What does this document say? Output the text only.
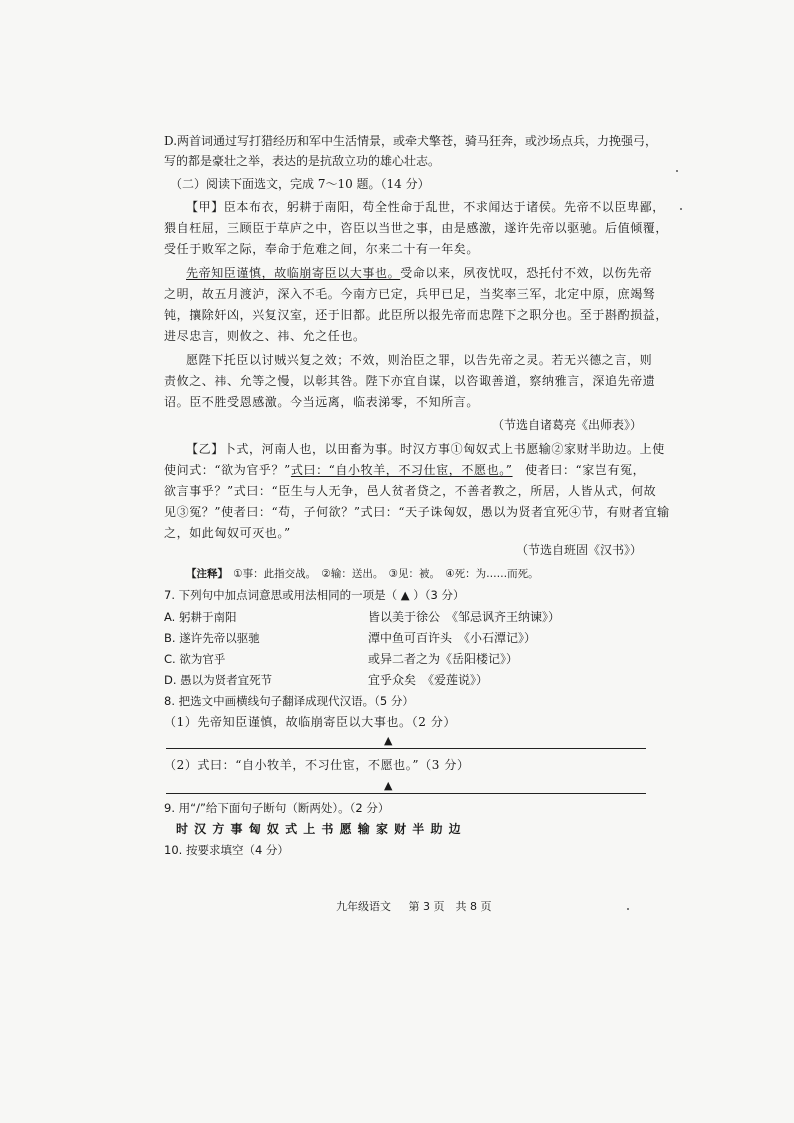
D.两首词通过写打猎经历和军中生活情景，或牵犬擎苍，骑马狂奔，或沙场点兵，力挽强弓，
写的都是豪壮之举，表达的是抗敌立功的雄心壮志。
（二）阅读下面选文，完成 7～10 题。（14 分）
【甲】臣本布衣，躬耕于南阳，苟全性命于乱世，不求闻达于诸侯。先帝不以臣卑鄙，
猥自枉屈，三顾臣于草庐之中，咨臣以当世之事，由是感激，遂许先帝以驱驰。后值倾覆，
受任于败军之际，奉命于危难之间，尔来二十有一年矣。
先帝知臣谨慎，故临崩寄臣以大事也。受命以来，夙夜忧叹，恐托付不效，以伤先帝
之明，故五月渡泸，深入不毛。今南方已定，兵甲已足，当奖率三军，北定中原，庶竭驽
钝，攘除奸凶，兴复汉室，还于旧都。此臣所以报先帝而忠陛下之职分也。至于斟酌损益，
进尽忠言，则攸之、祎、允之任也。
愿陛下托臣以讨贼兴复之效；不效，则治臣之罪，以告先帝之灵。若无兴德之言，则
责攸之、祎、允等之慢，以彰其咎。陛下亦宜自谋，以咨诹善道，察纳雅言，深追先帝遗
诏。臣不胜受恩感激。今当远离，临表涕零，不知所言。
（节选自诸葛亮《出师表》）
【乙】卜式，河南人也，以田畜为事。时汉方事①匈奴式上书愿输②家财半助边。上使
使问式：“欲为官乎？”式曰：“自小牧羊，不习仕宦，不愿也。”　使者曰：“家岂有冤，
欲言事乎？”式曰：“臣生与人无争，邑人贫者贷之，不善者教之，所居，人皆从式，何故
见③冤？”使者曰：“苟，子何欲？”式曰：“天子诛匈奴，愚以为贤者宜死④节，有财者宜输
之，如此匈奴可灭也。”
（节选自班固《汉书》）
【注释】　①事：此指交战。　②输：送出。　③见：被。　④死：为……而死。
7. 下列句中加点词意思或用法相同的一项是（ ▲ ）（3 分）
A. 躬耕于南阳	皆以美于徐公　《邹忌讽齐王纳谏》）
B. 遂许先帝以驱驰	潭中鱼可百许头　《小石潭记》）
C. 欲为官乎	或异二者之为《岳阳楼记》）
D. 愚以为贤者宜死节	宜乎众矣　《爱莲说》）
8. 把选文中画横线句子翻译成现代汉语。（5 分）
（1）先帝知臣谨慎，故临崩寄臣以大事也。（2 分）
▲
（2）式曰：“自小牧羊，不习仕宦，不愿也。”（3 分）
▲
9. 用“/”给下面句子断句（断两处）。（2 分）
时 汉 方 事 匈 奴 式 上 书 愿 输 家 财 半 助 边
10. 按要求填空（4 分）
九年级语文 第 3 页　共 8 页
